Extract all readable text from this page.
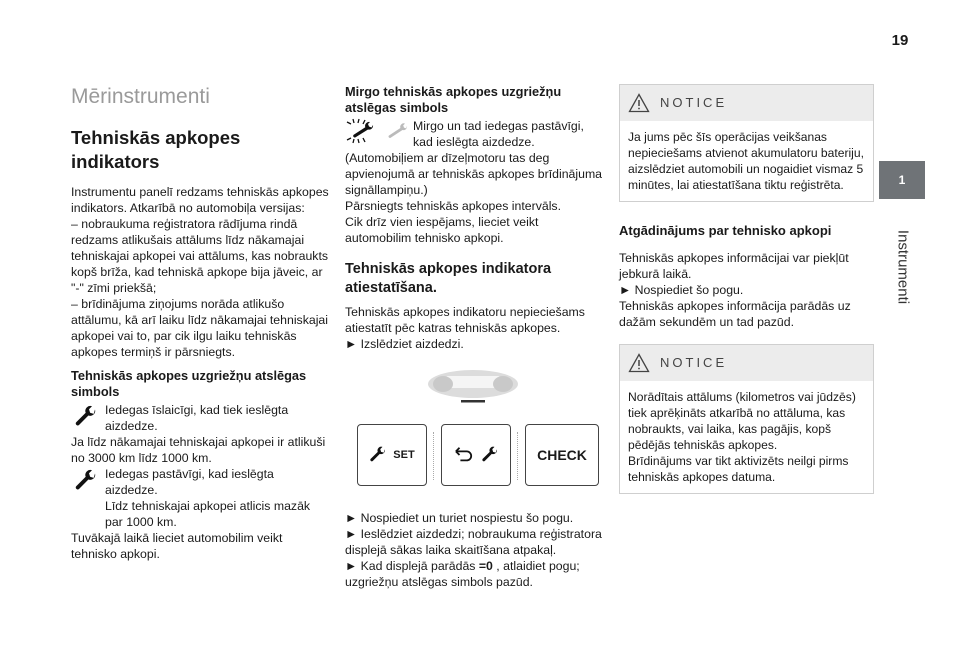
19
1
Instrumenti
Mērinstrumenti
Tehniskās apkopes indikators

Instrumentu panelī redzams tehniskās apkopes indikators. Atkarībā no automobiļa versijas:

– nobraukuma reģistratora rādījuma rindā redzams atlikušais attālums līdz nākamajai tehniskajai apkopei vai attālums, kas nobraukts kopš brīža, kad tehniskā apkope bija jāveic, ar "-" zīmi priekšā;

– brīdinājuma ziņojums norāda atlikušo attālumu, kā arī laiku līdz nākamajai tehniskajai apkopei vai to, par cik ilgu laiku tehniskās apkopes termiņš ir pārsniegts.

Tehniskās apkopes uzgriežņu atslēgas simbols

Iedegas īslaicīgi, kad tiek ieslēgta aizdedze.

Ja līdz nākamajai tehniskajai apkopei ir atlikuši no 3000 km līdz 1000 km.

Iedegas pastāvīgi, kad ieslēgta aizdedze.

Līdz tehniskajai apkopei atlicis mazāk par 1000 km.

Tuvākajā laikā lieciet automobilim veikt tehnisko apkopi.

Mirgo tehniskās apkopes uzgriežņu atslēgas simbols

Mirgo un tad iedegas pastāvīgi, kad ieslēgta aizdedze.

(Automobiļiem ar dīzeļmotoru tas deg apvienojumā ar tehniskās apkopes brīdinājuma signāllampiņu.)

Pārsniegts tehniskās apkopes intervāls.

Cik drīz vien iespējams, lieciet veikt automobilim tehnisko apkopi.

Tehniskās apkopes indikatora atiestatīšana.

Tehniskās apkopes indikatoru nepieciešams atiestatīt pēc katras tehniskās apkopes.

► Izslēdziet aizdedzi.

SET	CHECK

► Nospiediet un turiet nospiestu šo pogu.

► Ieslēdziet aizdedzi; nobraukuma reģistratora displejā sākas laika skaitīšana atpakaļ.

► Kad displejā parādās =0 , atlaidiet pogu; uzgriežņu atslēgas simbols pazūd.

NOTICE
Ja jums pēc šīs operācijas veikšanas nepieciešams atvienot akumulatoru bateriju, aizslēdziet automobili un nogaidiet vismaz 5 minūtes, lai atiestatīšana tiktu reģistrēta.
Atgādinājums par tehnisko apkopi

Tehniskās apkopes informācijai var piekļūt jebkurā laikā.

► Nospiediet šo pogu.

Tehniskās apkopes informācija parādās uz dažām sekundēm un tad pazūd.

NOTICE

Norādītais attālums (kilometros vai jūdzēs) tiek aprēķināts atkarībā no attāluma, kas nobraukts, vai laika, kas pagājis, kopš pēdējās tehniskās apkopes.

Brīdinājums var tikt aktivizēts neilgi pirms tehniskās apkopes datuma.
